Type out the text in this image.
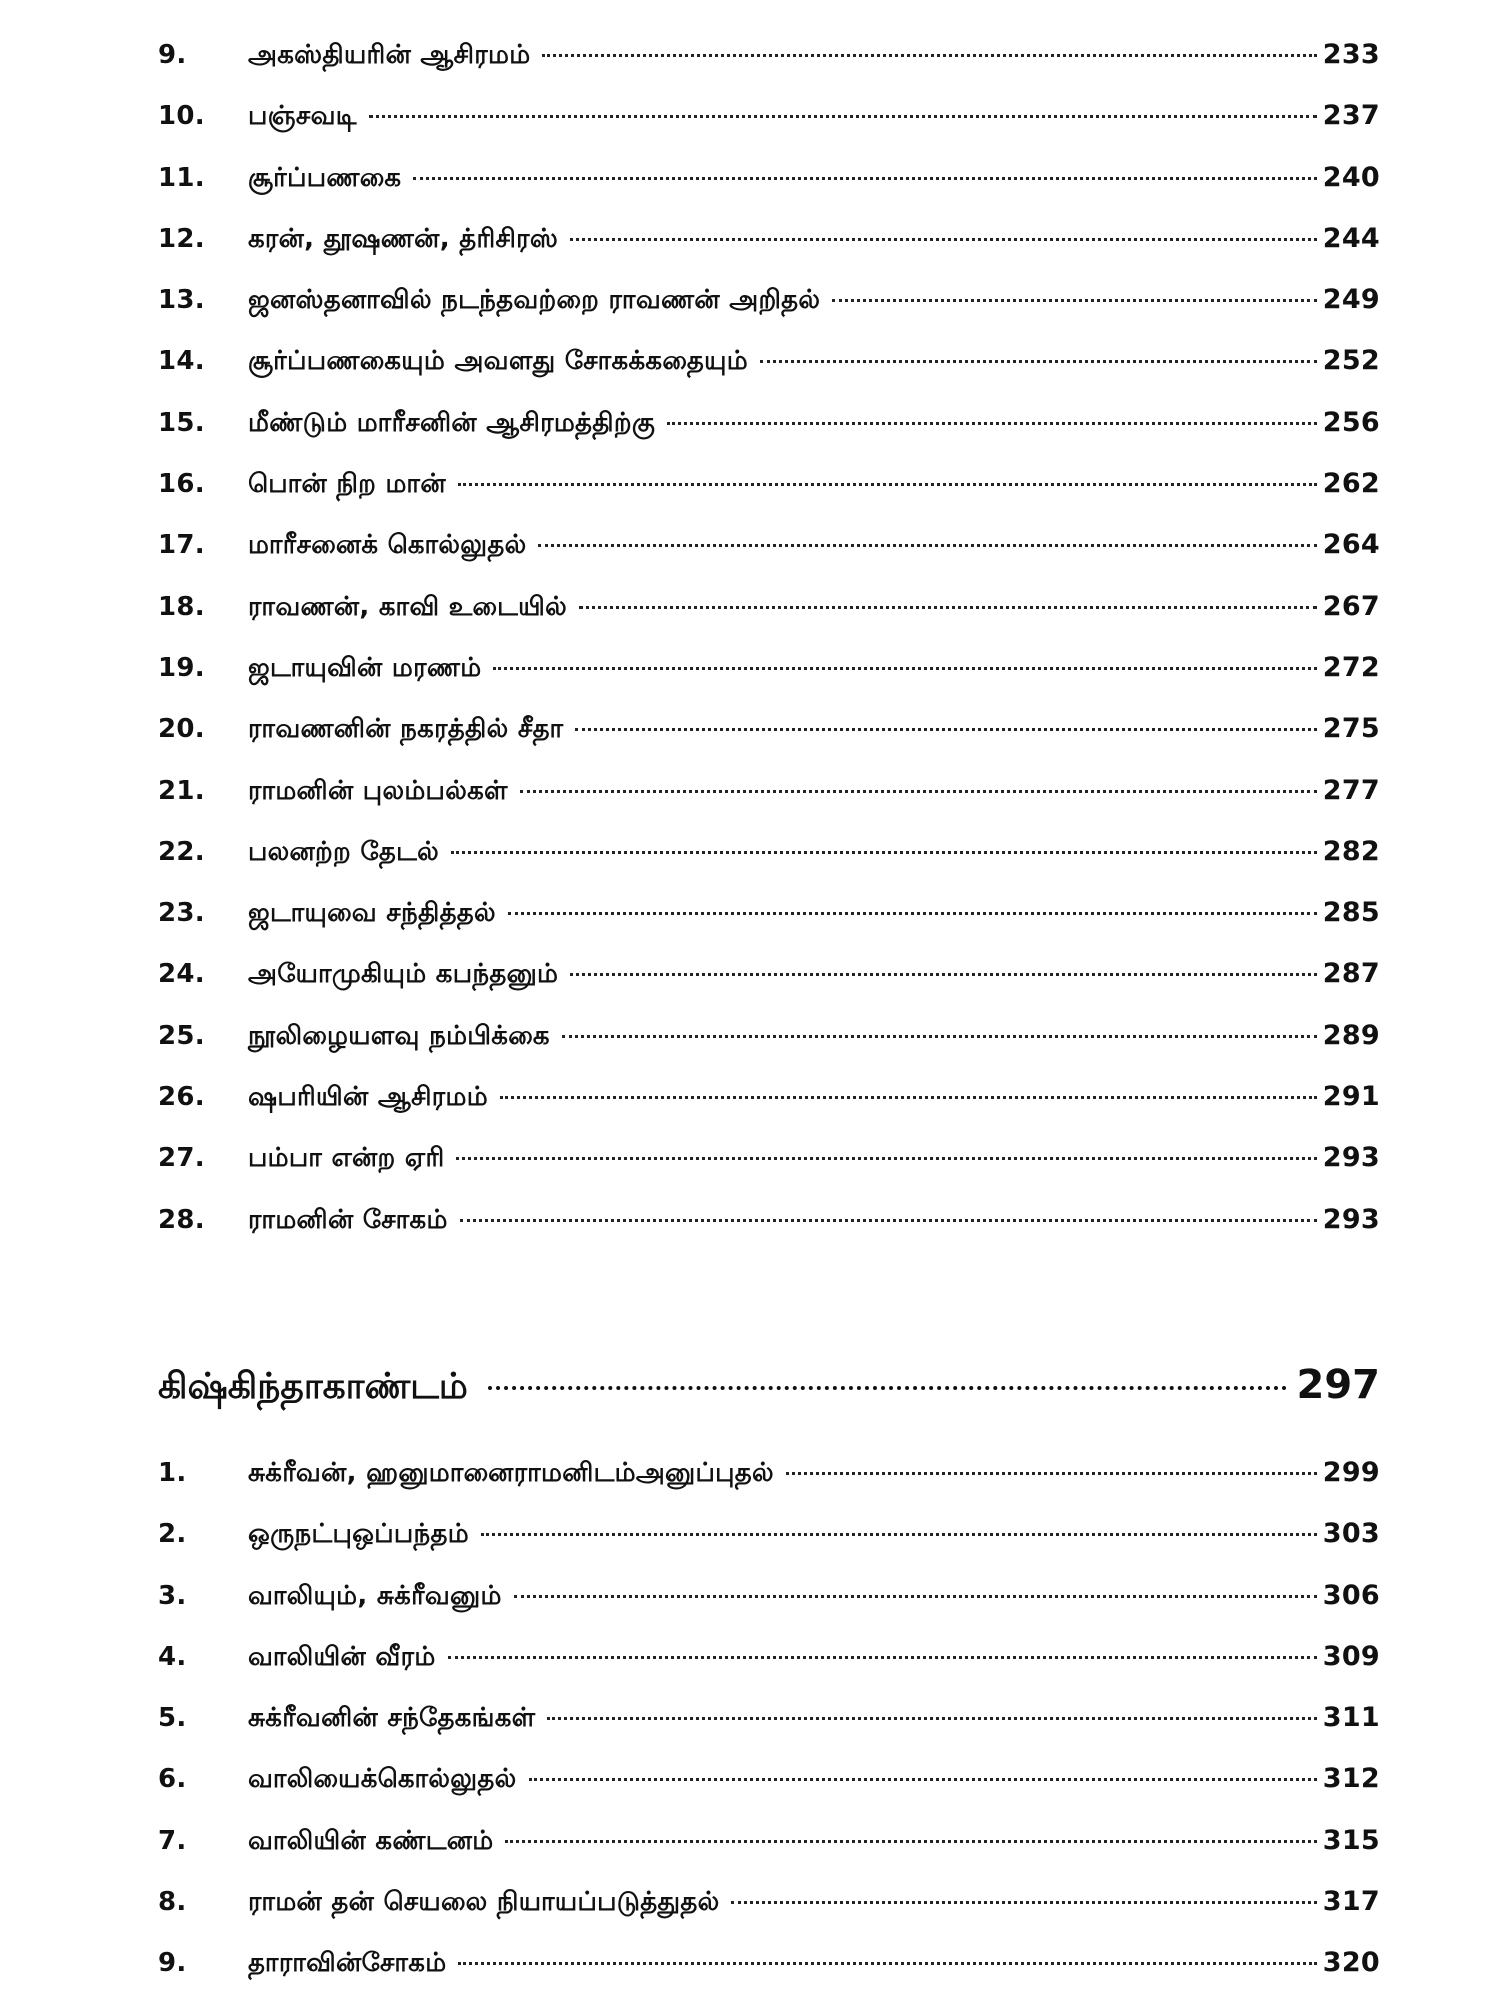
9.	அகஸ்தியரின் ஆசிரமம்	233
10.	பஞ்சவடி	237
11.	சூர்ப்பணகை	240
12.	கரன், தூஷணன், த்ரிசிரஸ்	244
13.	ஜனஸ்தனாவில் நடந்தவற்றை ராவணன் அறிதல்	249
14.	சூர்ப்பணகையும் அவளது சோகக்கதையும்	252
15.	மீண்டும் மாரீசனின் ஆசிரமத்திற்கு	256
16.	பொன் நிற மான்	262
17.	மாரீசனைக் கொல்லுதல்	264
18.	ராவணன், காவி உடையில்	267
19.	ஜடாயுவின் மரணம்	272
20.	ராவணனின் நகரத்தில் சீதா	275
21.	ராமனின் புலம்பல்கள்	277
22.	பலனற்ற தேடல்	282
23.	ஜடாயுவை சந்தித்தல்	285
24.	அயோமுகியும் கபந்தனும்	287
25.	நூலிழையளவு நம்பிக்கை	289
26.	ஷபரியின் ஆசிரமம்	291
27.	பம்பா என்ற ஏரி	293
28.	ராமனின் சோகம்	293
கிஷ்கிந்தாகாண்டம்	297
1.	சுக்ரீவன், ஹனுமானைராமனிடம்அனுப்புதல்	299
2.	ஒருநட்புஒப்பந்தம்	303
3.	வாலியும், சுக்ரீவனும்	306
4.	வாலியின் வீரம்	309
5.	சுக்ரீவனின் சந்தேகங்கள்	311
6.	வாலியைக்கொல்லுதல்	312
7.	வாலியின் கண்டனம்	315
8.	ராமன் தன் செயலை நியாயப்படுத்துதல்	317
9.	தாராவின்சோகம்	320
